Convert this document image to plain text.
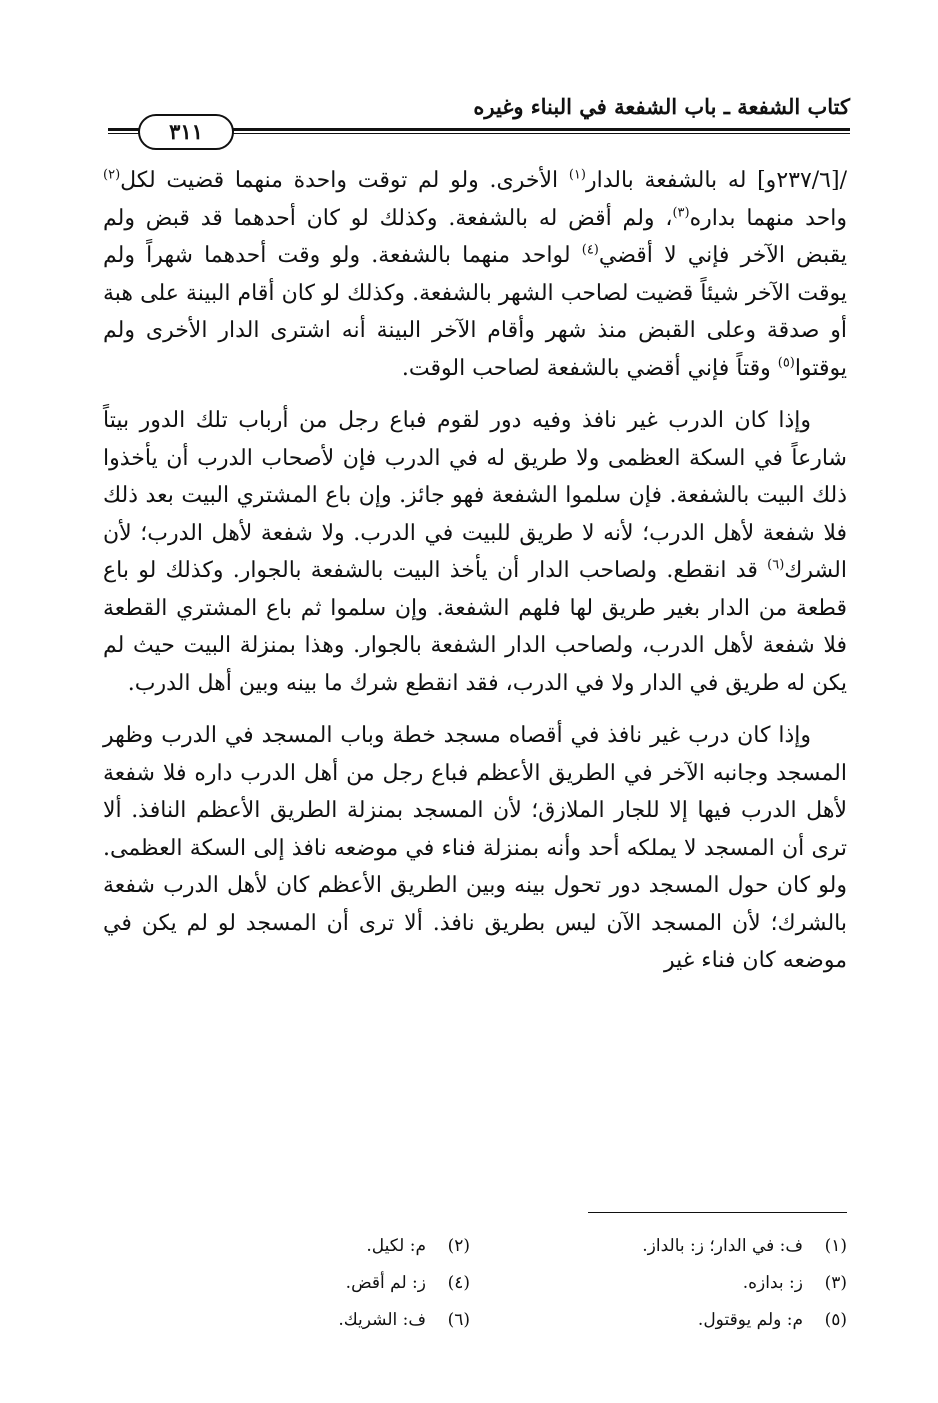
كتاب الشفعة ـ باب الشفعة في البناء وغيره
٣١١

/[٢٣٧/٦و] له بالشفعة بالدار$^{(١)}$ الأخرى. ولو لم توقت واحدة منهما قضيت لكل$^{(٢)}$ واحد منهما بداره$^{(٣)}$، ولم أقض له بالشفعة. وكذلك لو كان أحدهما قد قبض ولم يقبض الآخر فإني لا أقضي$^{(٤)}$ لواحد منهما بالشفعة. ولو وقت أحدهما شهراً ولم يوقت الآخر شيئاً قضيت لصاحب الشهر بالشفعة. وكذلك لو كان أقام البينة على هبة أو صدقة وعلى القبض منذ شهر وأقام الآخر البينة أنه اشترى الدار الأخرى ولم يوقتوا$^{(٥)}$ وقتاً فإني أقضي بالشفعة لصاحب الوقت.

وإذا كان الدرب غير نافذ وفيه دور لقوم فباع رجل من أرباب تلك الدور بيتاً شارعاً في السكة العظمى ولا طريق له في الدرب فإن لأصحاب الدرب أن يأخذوا ذلك البيت بالشفعة. فإن سلموا الشفعة فهو جائز. وإن باع المشتري البيت بعد ذلك فلا شفعة لأهل الدرب؛ لأنه لا طريق للبيت في الدرب. ولا شفعة لأهل الدرب؛ لأن الشرك$^{(٦)}$ قد انقطع. ولصاحب الدار أن يأخذ البيت بالشفعة بالجوار. وكذلك لو باع قطعة من الدار بغير طريق لها فلهم الشفعة. وإن سلموا ثم باع المشتري القطعة فلا شفعة لأهل الدرب، ولصاحب الدار الشفعة بالجوار. وهذا بمنزلة البيت حيث لم يكن له طريق في الدار ولا في الدرب، فقد انقطع شرك ما بينه وبين أهل الدرب.

وإذا كان درب غير نافذ في أقصاه مسجد خطة وباب المسجد في الدرب وظهر المسجد وجانبه الآخر في الطريق الأعظم فباع رجل من أهل الدرب داره فلا شفعة لأهل الدرب فيها إلا للجار الملازق؛ لأن المسجد بمنزلة الطريق الأعظم النافذ. ألا ترى أن المسجد لا يملكه أحد وأنه بمنزلة فناء في موضعه نافذ إلى السكة العظمى. ولو كان حول المسجد دور تحول بينه وبين الطريق الأعظم كان لأهل الدرب شفعة بالشرك؛ لأن المسجد الآن ليس بطريق نافذ. ألا ترى أن المسجد لو لم يكن في موضعه كان فناء غير

(١)ف: في الدار؛ ز: بالداز.
(٣)ز: بدازه.
(٥)م: ولم يوقتول.
(٢)م: لكيل.
(٤)ز: لم أقض.
(٦)ف: الشريك.
